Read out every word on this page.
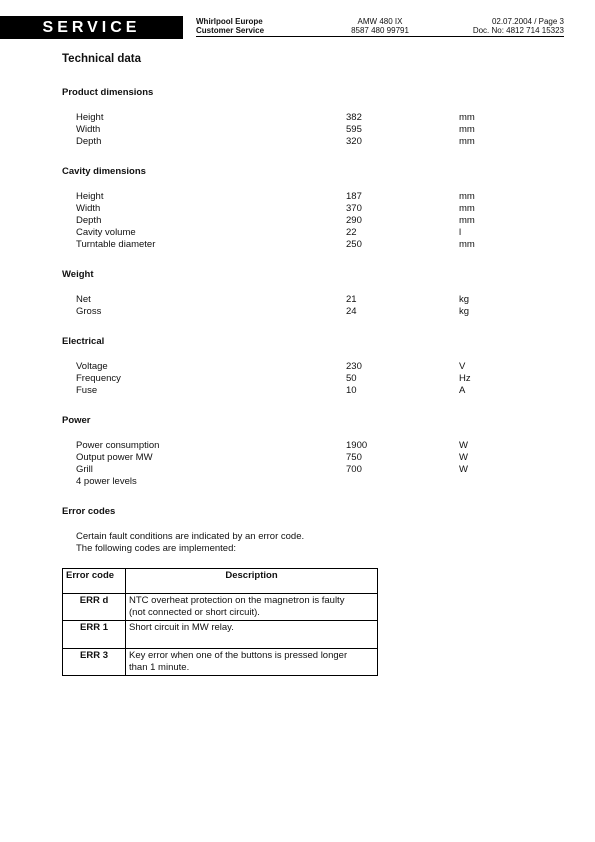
SERVICE	Whirlpool Europe
Customer Service
AMW 480 IX
8587 480 99791
02.07.2004 / Page 3
Doc. No: 4812 714 15323
Technical data
Product dimensions
Height	382	mm
Width	595	mm
Depth	320	mm
Cavity dimensions
Height	187	mm
Width	370	mm
Depth	290	mm
Cavity volume	22	l
Turntable diameter	250	mm
Weight
Net	21	kg
Gross	24	kg
Electrical
Voltage	230	V
Frequency	50	Hz
Fuse	10	A
Power
Power consumption	1900	W
Output power MW	750	W
Grill	700	W
4 power levels
Error codes
Certain fault conditions are indicated by an error code.
The following codes are implemented:
Error code	Description
ERR d	NTC overheat protection on the magnetron is faulty
(not connected or short circuit).

ERR 1	Short circuit in MW relay.

ERR 3	Key error when one of the buttons is pressed longer
than 1 minute.
